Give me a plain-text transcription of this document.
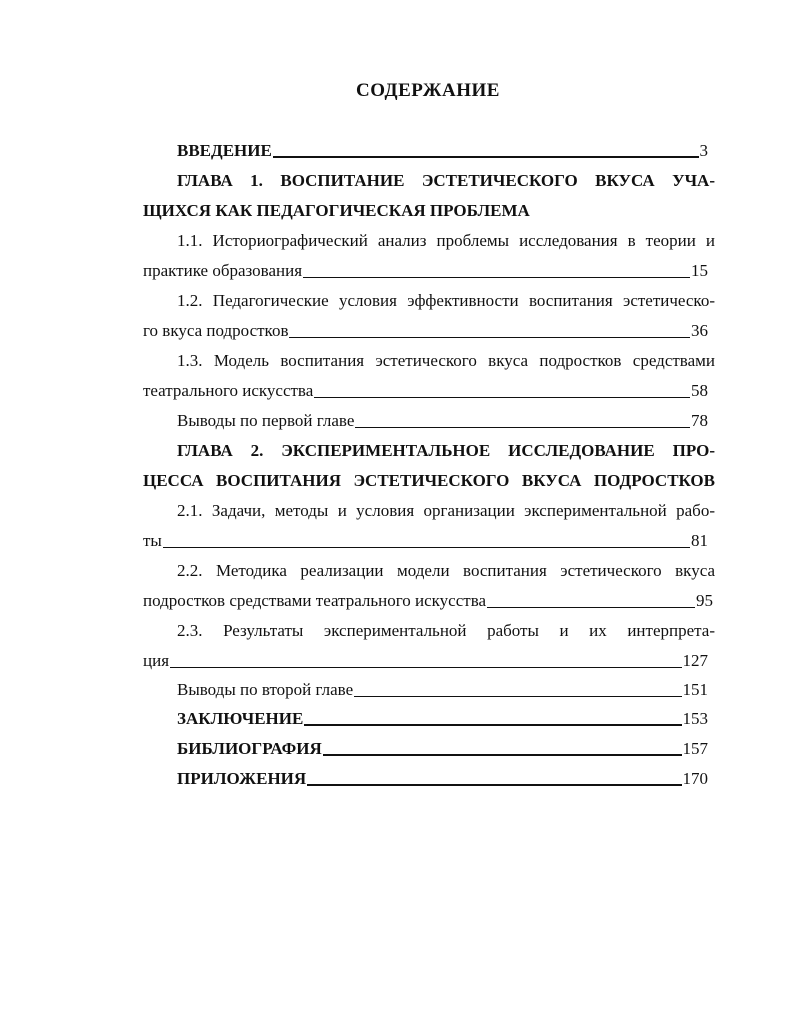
СОДЕРЖАНИЕ
ВВЕДЕНИЕ	3
ГЛАВА 1. ВОСПИТАНИЕ ЭСТЕТИЧЕСКОГО ВКУСА УЧА-
ЩИХСЯ КАК ПЕДАГОГИЧЕСКАЯ ПРОБЛЕМА
1.1. Историографический анализ проблемы исследования в теории и
практике образования	15
1.2. Педагогические условия эффективности воспитания эстетическо-
го вкуса подростков	36
1.3. Модель воспитания эстетического вкуса подростков средствами
театрального искусства	58
Выводы по первой главе	78
ГЛАВА 2. ЭКСПЕРИМЕНТАЛЬНОЕ ИССЛЕДОВАНИЕ ПРО-
ЦЕССА ВОСПИТАНИЯ ЭСТЕТИЧЕСКОГО ВКУСА ПОДРОСТКОВ
2.1. Задачи, методы и условия организации экспериментальной рабо-
ты	81
2.2. Методика реализации модели воспитания эстетического вкуса
подростков средствами театрального искусства	95
2.3. Результаты экспериментальной работы и их интерпрета-
ция	127
Выводы по второй главе	151
ЗАКЛЮЧЕНИЕ	153
БИБЛИОГРАФИЯ	157
ПРИЛОЖЕНИЯ	170
